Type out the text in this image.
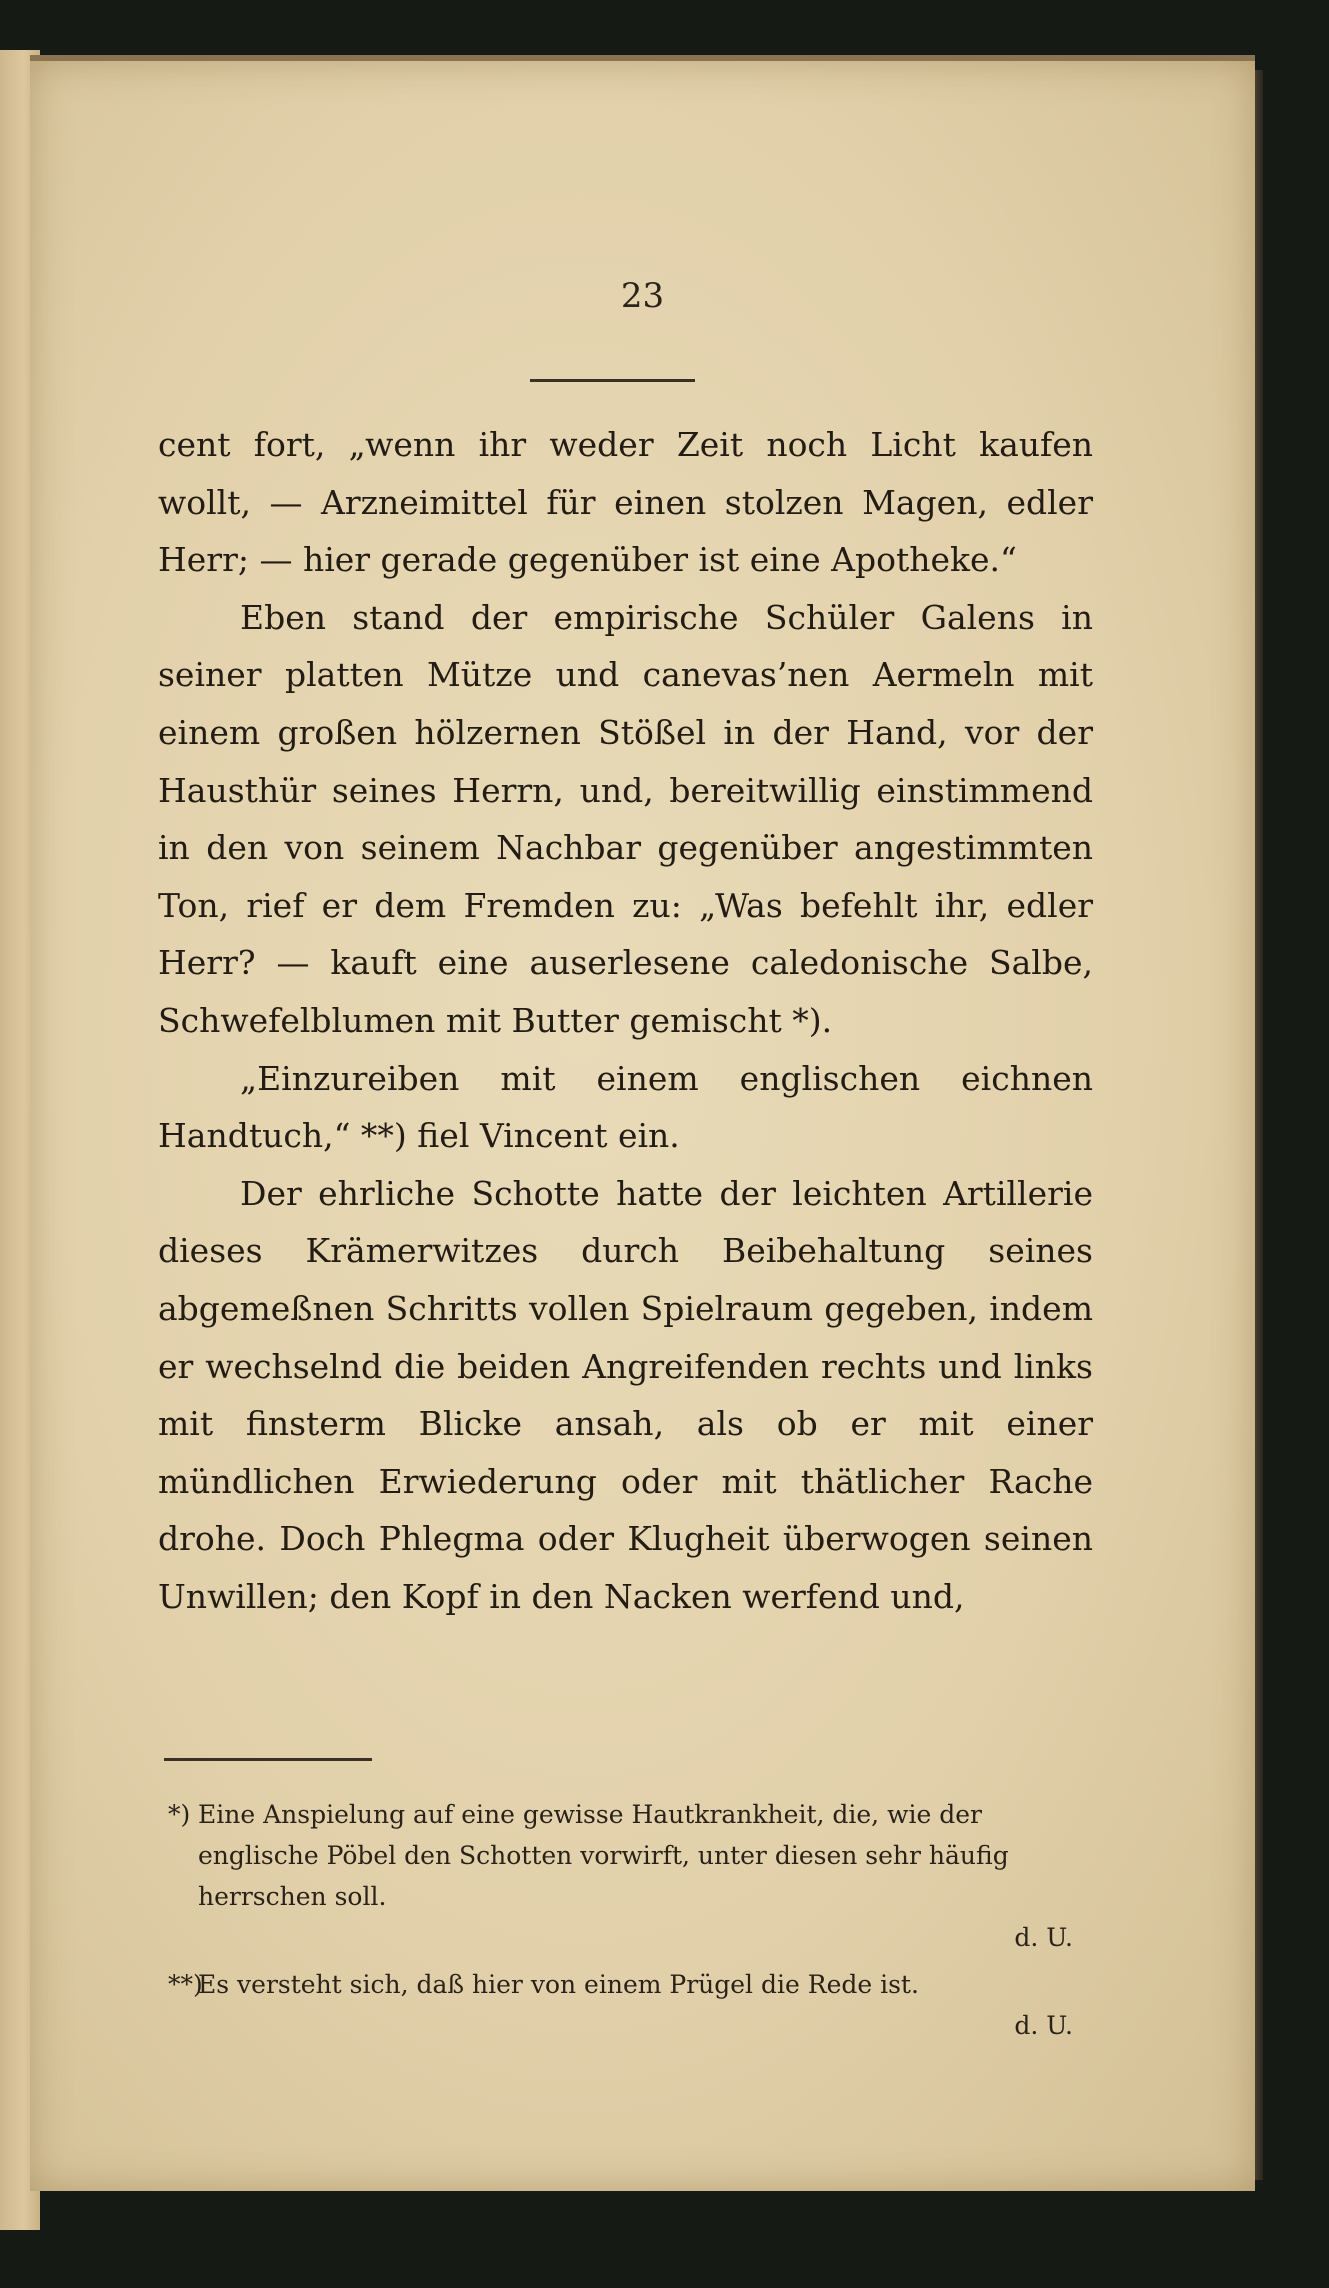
23

cent fort, „wenn ihr weder Zeit noch Licht kaufen wollt, — Arzneimittel für einen stolzen Magen, edler Herr; — hier gerade gegenüber ist eine Apotheke.“

Eben stand der empirische Schüler Galens in seiner platten Mütze und canevas’nen Aermeln mit einem großen hölzernen Stößel in der Hand, vor der Hausthür seines Herrn, und, bereitwillig einstimmend in den von seinem Nachbar gegenüber angestimmten Ton, rief er dem Fremden zu: „Was befehlt ihr, edler Herr? — kauft eine auserlesene caledonische Salbe, Schwefelblumen mit Butter gemischt *).

„Einzureiben mit einem englischen eichnen Handtuch,“ **) fiel Vincent ein.

Der ehrliche Schotte hatte der leichten Artillerie dieses Krämerwitzes durch Beibehaltung seines abgemeßnen Schritts vollen Spielraum gegeben, indem er wechselnd die beiden Angreifenden rechts und links mit finsterm Blicke ansah, als ob er mit einer mündlichen Erwiederung oder mit thätlicher Rache drohe. Doch Phlegma oder Klugheit überwogen seinen Unwillen; den Kopf in den Nacken werfend und,

*) Eine Anspielung auf eine gewisse Hautkrankheit, die, wie der englische Pöbel den Schotten vorwirft, unter diesen sehr häufig herrschen soll.
d. U.
**)
Es versteht sich, daß hier von einem Prügel die Rede ist.
d. U.
